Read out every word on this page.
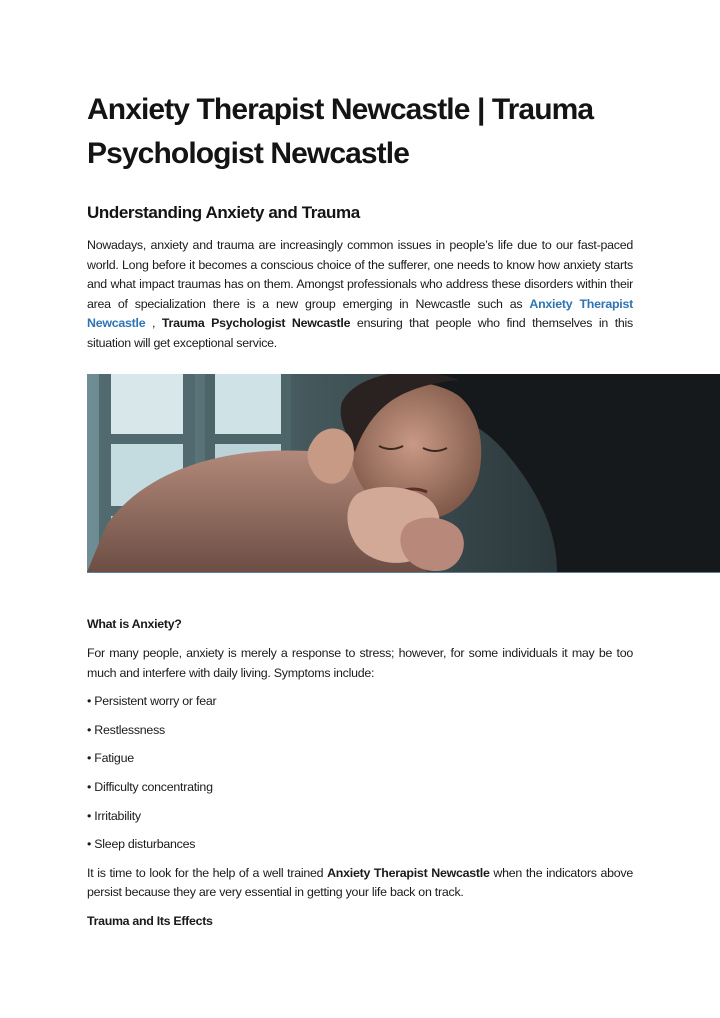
Anxiety Therapist Newcastle | Trauma Psychologist Newcastle
Understanding Anxiety and Trauma

Nowadays, anxiety and trauma are increasingly common issues in people’s life due to our fast-paced world. Long before it becomes a conscious choice of the sufferer, one needs to know how anxiety starts and what impact traumas has on them. Amongst professionals who address these disorders within their area of specialization there is a new group emerging in Newcastle such as Anxiety Therapist Newcastle , Trauma Psychologist Newcastle ensuring that people who find themselves in this situation will get exceptional service.

What is Anxiety?

For many people, anxiety is merely a response to stress; however, for some individuals it may be too much and interfere with daily living. Symptoms include:

• Persistent worry or fear
• Restlessness
• Fatigue
• Difficulty concentrating
• Irritability
• Sleep disturbances

It is time to look for the help of a well trained Anxiety Therapist Newcastle when the indicators above persist because they are very essential in getting your life back on track.

Trauma and Its Effects
